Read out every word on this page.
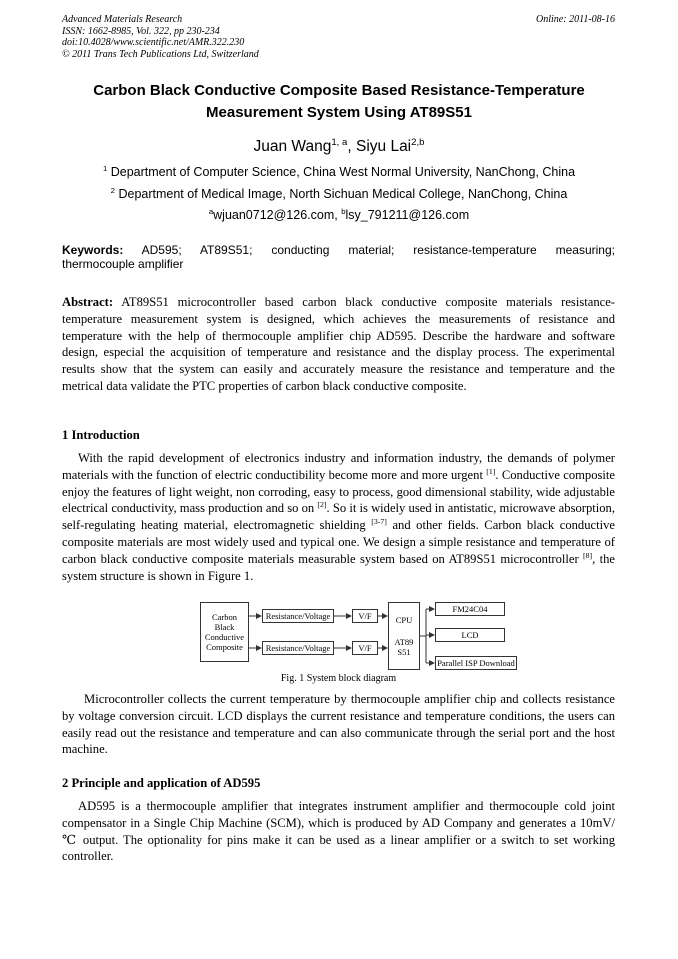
Advanced Materials Research
ISSN: 1662-8985, Vol. 322, pp 230-234
doi:10.4028/www.scientific.net/AMR.322.230
© 2011 Trans Tech Publications Ltd, Switzerland
Online: 2011-08-16
Carbon Black Conductive Composite Based Resistance-Temperature
Measurement System Using AT89S51
Juan Wang$^{1, a}$, Siyu Lai$^{2,b}$
$^1$ Department of Computer Science, China West Normal University, NanChong, China
$^2$ Department of Medical Image, North Sichuan Medical College, NanChong, China
$^a$wjuan0712@126.com, $^b$lsy_791211@126.com

Keywords: AD595; AT89S51; conducting material; resistance-temperature measuring;

thermocouple amplifier

Abstract: AT89S51 microcontroller based carbon black conductive composite materials resistance-temperature measurement system is designed, which achieves the measurements of resistance and temperature with the help of thermocouple amplifier chip AD595. Describe the hardware and software design, especial the acquisition of temperature and resistance and the display process. The experimental results show that the system can easily and accurately measure the resistance and temperature and the metrical data validate the PTC properties of carbon black conductive composite.

1 Introduction

With the rapid development of electronics industry and information industry, the demands of polymer materials with the function of electric conductibility become more and more urgent [1]. Conductive composite enjoy the features of light weight, non corroding, easy to process, good dimensional stability, wide adjustable electrical conductivity, mass production and so on [2]. So it is widely used in antistatic, microwave absorption, self-regulating heating material, electromagnetic shielding [3-7] and other fields. Carbon black conductive composite materials are most widely used and typical one. We design a simple resistance and temperature of carbon black conductive composite materials measurable system based on AT89S51 microcontroller [8], the system structure is shown in Figure 1.

Carbon
Black
Conductive
Composite
Resistance/Voltage
Resistance/Voltage
V/F
V/F
CPU
AT89
S51
FM24C04
LCD
Parallel ISP Download
Fig. 1 System block diagram

Microcontroller collects the current temperature by thermocouple amplifier chip and collects resistance by voltage conversion circuit. LCD displays the current resistance and temperature conditions, the users can easily read out the resistance and temperature and can also communicate through the serial port and the host machine.

2 Principle and application of AD595

AD595 is a thermocouple amplifier that integrates instrument amplifier and thermocouple cold joint compensator in a Single Chip Machine (SCM), which is produced by AD Company and generates a 10mV/℃ output. The optionality for pins make it can be used as a linear amplifier or a switch to set working controller.
